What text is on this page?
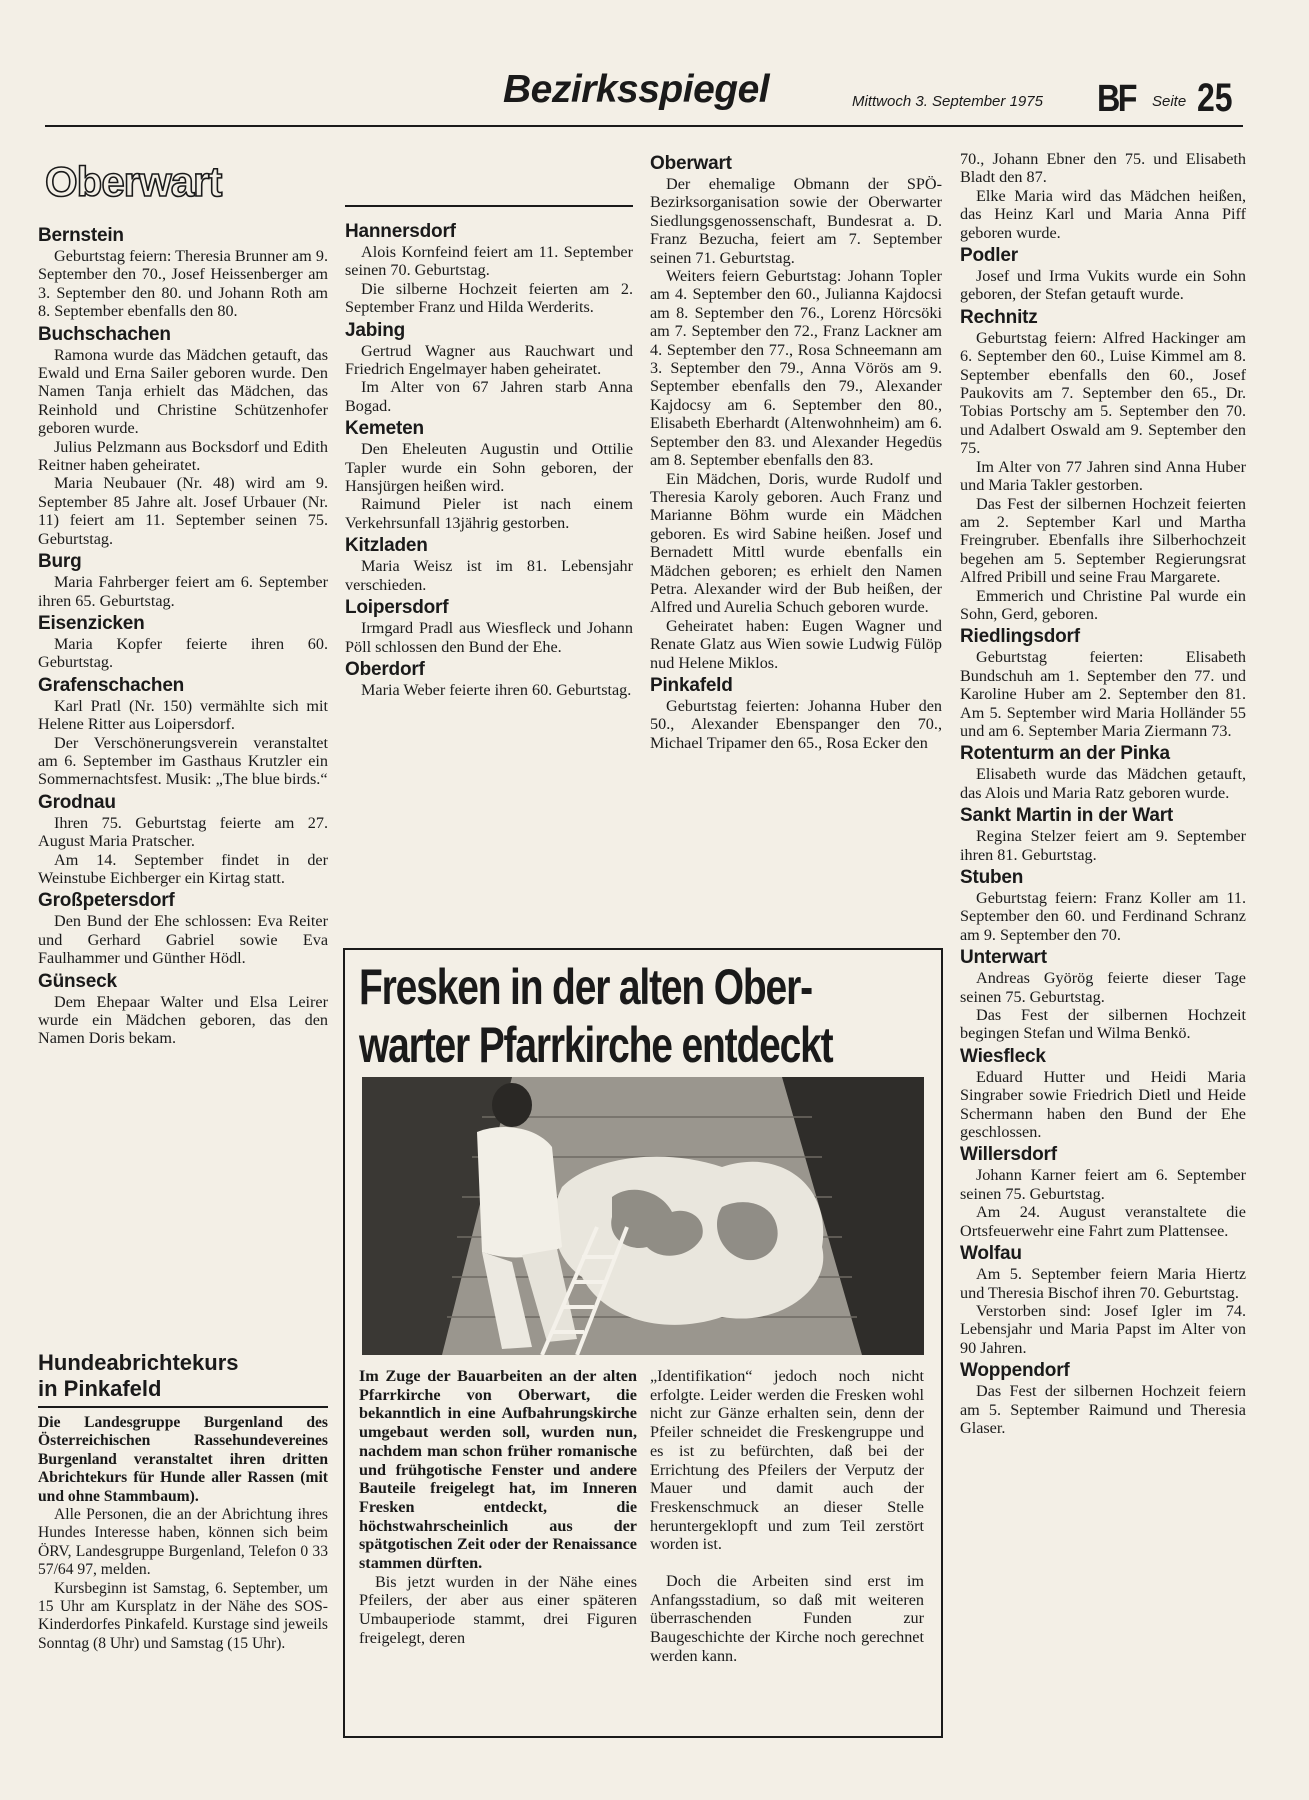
Bezirksspiegel	Mittwoch 3. September 1975 BF Seite 25
Oberwart
Bernstein
Geburtstag feiern: Theresia Brunner am 9. September den 70., Josef Heissenberger am 3. September den 80. und Johann Roth am 8. September ebenfalls den 80.
Buchschachen
Ramona wurde das Mädchen getauft, das Ewald und Erna Sailer geboren wurde. Den Namen Tanja erhielt das Mädchen, das Reinhold und Christine Schützenhofer geboren wurde.
Julius Pelzmann aus Bocksdorf und Edith Reitner haben geheiratet.
Maria Neubauer (Nr. 48) wird am 9. September 85 Jahre alt. Josef Urbauer (Nr. 11) feiert am 11. September seinen 75. Geburtstag.
Burg
Maria Fahrberger feiert am 6. September ihren 65. Geburtstag.
Eisenzicken
Maria Kopfer feierte ihren 60. Geburtstag.
Grafenschachen
Karl Pratl (Nr. 150) vermählte sich mit Helene Ritter aus Loipersdorf.
Der Verschönerungsverein veranstaltet am 6. September im Gasthaus Krutzler ein Sommernachtsfest. Musik: „The blue birds.“
Grodnau
Ihren 75. Geburtstag feierte am 27. August Maria Pratscher.
Am 14. September findet in der Weinstube Eichberger ein Kirtag statt.
Großpetersdorf
Den Bund der Ehe schlossen: Eva Reiter und Gerhard Gabriel sowie Eva Faulhammer und Günther Hödl.
Günseck
Dem Ehepaar Walter und Elsa Leirer wurde ein Mädchen geboren, das den Namen Doris bekam.
Hundeabrichtekurs
in Pinkafeld

Die Landesgruppe Burgenland des Österreichischen Rassehundevereines Burgenland veranstaltet ihren dritten Abrichtekurs für Hunde aller Rassen (mit und ohne Stammbaum).

Alle Personen, die an der Abrichtung ihres Hundes Interesse haben, können sich beim ÖRV, Landesgruppe Burgenland, Telefon 0 33 57/64 97, melden.

Kursbeginn ist Samstag, 6. September, um 15 Uhr am Kursplatz in der Nähe des SOS-Kinderdorfes Pinkafeld. Kurstage sind jeweils Sonntag (8 Uhr) und Samstag (15 Uhr).

Hannersdorf
Alois Kornfeind feiert am 11. September seinen 70. Geburtstag.
Die silberne Hochzeit feierten am 2. September Franz und Hilda Werderits.
Jabing
Gertrud Wagner aus Rauchwart und Friedrich Engelmayer haben geheiratet.
Im Alter von 67 Jahren starb Anna Bogad.
Kemeten
Den Eheleuten Augustin und Ottilie Tapler wurde ein Sohn geboren, der Hansjürgen heißen wird.
Raimund Pieler ist nach einem Verkehrsunfall 13jährig gestorben.
Kitzladen
Maria Weisz ist im 81. Lebensjahr verschieden.
Loipersdorf
Irmgard Pradl aus Wiesfleck und Johann Pöll schlossen den Bund der Ehe.
Oberdorf
Maria Weber feierte ihren 60. Geburtstag.
Oberwart
Der ehemalige Obmann der SPÖ-Bezirksorganisation sowie der Oberwarter Siedlungsgenossenschaft, Bundesrat a. D. Franz Bezucha, feiert am 7. September seinen 71. Geburtstag.
Weiters feiern Geburtstag: Johann Topler am 4. September den 60., Julianna Kajdocsi am 8. September den 76., Lorenz Hörcsöki am 7. September den 72., Franz Lackner am 4. September den 77., Rosa Schneemann am 3. September den 79., Anna Vörös am 9. September ebenfalls den 79., Alexander Kajdocsy am 6. September den 80., Elisabeth Eberhardt (Altenwohnheim) am 6. September den 83. und Alexander Hegedüs am 8. September ebenfalls den 83.
Ein Mädchen, Doris, wurde Rudolf und Theresia Karoly geboren. Auch Franz und Marianne Böhm wurde ein Mädchen geboren. Es wird Sabine heißen. Josef und Bernadett Mittl wurde ebenfalls ein Mädchen geboren; es erhielt den Namen Petra. Alexander wird der Bub heißen, der Alfred und Aurelia Schuch geboren wurde.
Geheiratet haben: Eugen Wagner und Renate Glatz aus Wien sowie Ludwig Fülöp nud Helene Miklos.
Pinkafeld
Geburtstag feierten: Johanna Huber den 50., Alexander Ebenspanger den 70., Michael Tripamer den 65., Rosa Ecker den
70., Johann Ebner den 75. und Elisabeth Bladt den 87.
Elke Maria wird das Mädchen heißen, das Heinz Karl und Maria Anna Piff geboren wurde.
Podler
Josef und Irma Vukits wurde ein Sohn geboren, der Stefan getauft wurde.
Rechnitz
Geburtstag feiern: Alfred Hackinger am 6. September den 60., Luise Kimmel am 8. September ebenfalls den 60., Josef Paukovits am 7. September den 65., Dr. Tobias Portschy am 5. September den 70. und Adalbert Oswald am 9. September den 75.
Im Alter von 77 Jahren sind Anna Huber und Maria Takler gestorben.
Das Fest der silbernen Hochzeit feierten am 2. September Karl und Martha Freingruber. Ebenfalls ihre Silberhochzeit begehen am 5. September Regierungsrat Alfred Pribill und seine Frau Margarete.
Emmerich und Christine Pal wurde ein Sohn, Gerd, geboren.
Riedlingsdorf
Geburtstag feierten: Elisabeth Bundschuh am 1. September den 77. und Karoline Huber am 2. September den 81. Am 5. September wird Maria Holländer 55 und am 6. September Maria Ziermann 73.
Rotenturm an der Pinka
Elisabeth wurde das Mädchen getauft, das Alois und Maria Ratz geboren wurde.
Sankt Martin in der Wart
Regina Stelzer feiert am 9. September ihren 81. Geburtstag.
Stuben
Geburtstag feiern: Franz Koller am 11. September den 60. und Ferdinand Schranz am 9. September den 70.
Unterwart
Andreas Györög feierte dieser Tage seinen 75. Geburtstag.
Das Fest der silbernen Hochzeit begingen Stefan und Wilma Benkö.
Wiesfleck
Eduard Hutter und Heidi Maria Singraber sowie Friedrich Dietl und Heide Schermann haben den Bund der Ehe geschlossen.
Willersdorf
Johann Karner feiert am 6. September seinen 75. Geburtstag.
Am 24. August veranstaltete die Ortsfeuerwehr eine Fahrt zum Plattensee.
Wolfau
Am 5. September feiern Maria Hiertz und Theresia Bischof ihren 70. Geburtstag.
Verstorben sind: Josef Igler im 74. Lebensjahr und Maria Papst im Alter von 90 Jahren.
Woppendorf
Das Fest der silbernen Hochzeit feiern am 5. September Raimund und Theresia Glaser.
Fresken in der alten Ober-
warter Pfarrkirche entdeckt

Im Zuge der Bauarbeiten an der alten Pfarrkirche von Oberwart, die bekanntlich in eine Aufbahrungskirche umgebaut werden soll, wurden nun, nachdem man schon früher romanische und frühgotische Fenster und andere Bauteile freigelegt hat, im Inneren Fresken entdeckt, die höchstwahrscheinlich aus der spätgotischen Zeit oder der Renaissance stammen dürften.

Bis jetzt wurden in der Nähe eines Pfeilers, der aber aus einer späteren Umbauperiode stammt, drei Figuren freigelegt, deren

„Identifikation“ jedoch noch nicht erfolgte. Leider werden die Fresken wohl nicht zur Gänze erhalten sein, denn der Pfeiler schneidet die Freskengruppe und es ist zu befürchten, daß bei der Errichtung des Pfeilers der Verputz der Mauer und damit auch der Freskenschmuck an dieser Stelle heruntergeklopft und zum Teil zerstört worden ist.

Doch die Arbeiten sind erst im Anfangsstadium, so daß mit weiteren überraschenden Funden zur Baugeschichte der Kirche noch gerechnet werden kann.
